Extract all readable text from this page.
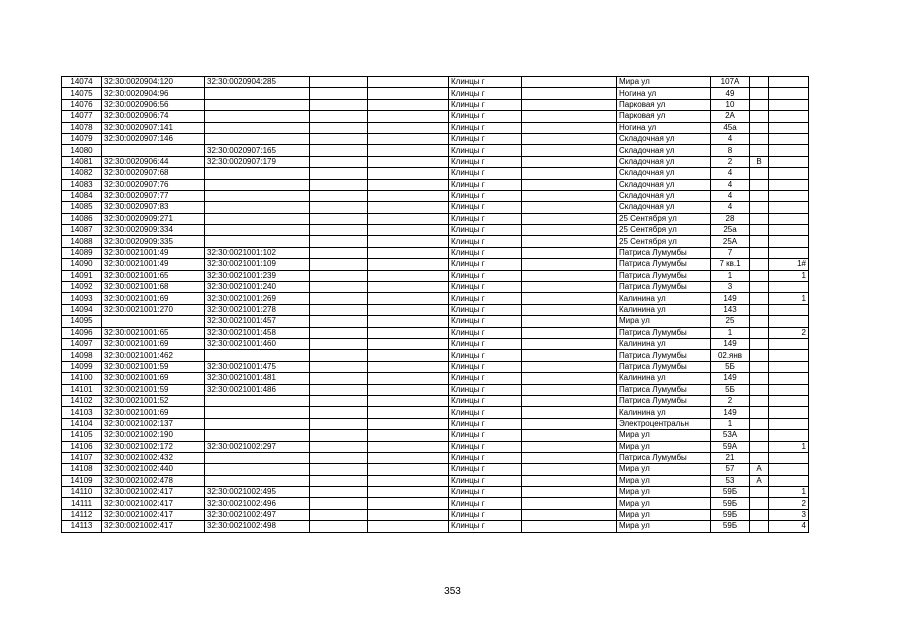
14074	32:30:0020904:120	32:30:0020904:285			Клинцы г		Мира ул	107А		
14075	32:30:0020904:96				Клинцы г		Ногина ул	49		
14076	32:30:0020906:56				Клинцы г		Парковая ул	10		
14077	32:30:0020906:74				Клинцы г		Парковая ул	2А		
14078	32:30:0020907:141				Клинцы г		Ногина ул	45а		
14079	32:30:0020907:146				Клинцы г		Складочная ул	4		
14080		32:30:0020907:165			Клинцы г		Складочная ул	8		
14081	32:30:0020906:44	32:30:0020907:179			Клинцы г		Складочная ул	2	В	
14082	32:30:0020907:68				Клинцы г		Складочная ул	4		
14083	32:30:0020907:76				Клинцы г		Складочная ул	4		
14084	32:30:0020907:77				Клинцы г		Складочная ул	4		
14085	32:30:0020907:83				Клинцы г		Складочная ул	4		
14086	32:30:0020909:271				Клинцы г		25 Сентября ул	28		
14087	32:30:0020909:334				Клинцы г		25 Сентября ул	25а		
14088	32:30:0020909:335				Клинцы г		25 Сентября ул	25А		
14089	32:30:0021001:49	32:30:0021001:102			Клинцы г		Патриса Лумумбы	7		
14090	32:30:0021001:49	32:30:0021001:109			Клинцы г		Патриса Лумумбы	7 кв.1		1#
14091	32:30:0021001:65	32:30:0021001:239			Клинцы г		Патриса Лумумбы	1		1
14092	32:30:0021001:68	32:30:0021001:240			Клинцы г		Патриса Лумумбы	3		
14093	32:30:0021001:69	32:30:0021001:269			Клинцы г		Калинина ул	149		1
14094	32:30:0021001:270	32:30:0021001:278			Клинцы г		Калинина ул	143		
14095		32:30:0021001:457			Клинцы г		Мира ул	25		
14096	32:30:0021001:65	32:30:0021001:458			Клинцы г		Патриса Лумумбы	1		2
14097	32:30:0021001:69	32:30:0021001:460			Клинцы г		Калинина ул	149		
14098	32:30:0021001:462				Клинцы г		Патриса Лумумбы	02.янв		
14099	32:30:0021001:59	32:30:0021001:475			Клинцы г		Патриса Лумумбы	5Б		
14100	32:30:0021001:69	32:30:0021001:481			Клинцы г		Калинина ул	149		
14101	32:30:0021001:59	32:30:0021001:486			Клинцы г		Патриса Лумумбы	5Б		
14102	32:30:0021001:52				Клинцы г		Патриса Лумумбы	2		
14103	32:30:0021001:69				Клинцы г		Калинина ул	149		
14104	32:30:0021002:137				Клинцы г		Электроцентральн	1		
14105	32:30:0021002:190				Клинцы г		Мира ул	53А		
14106	32:30:0021002:172	32:30:0021002:297			Клинцы г		Мира ул	59А		1
14107	32:30:0021002:432				Клинцы г		Патриса Лумумбы	21		
14108	32:30:0021002:440				Клинцы г		Мира ул	57	А	
14109	32:30:0021002:478				Клинцы г		Мира ул	53	А	
14110	32:30:0021002:417	32:30:0021002:495			Клинцы г		Мира ул	59Б		1
14111	32:30:0021002:417	32:30:0021002:496			Клинцы г		Мира ул	59Б		2
14112	32:30:0021002:417	32:30:0021002:497			Клинцы г		Мира ул	59Б		3
14113	32:30:0021002:417	32:30:0021002:498			Клинцы г		Мира ул	59Б		4
353
